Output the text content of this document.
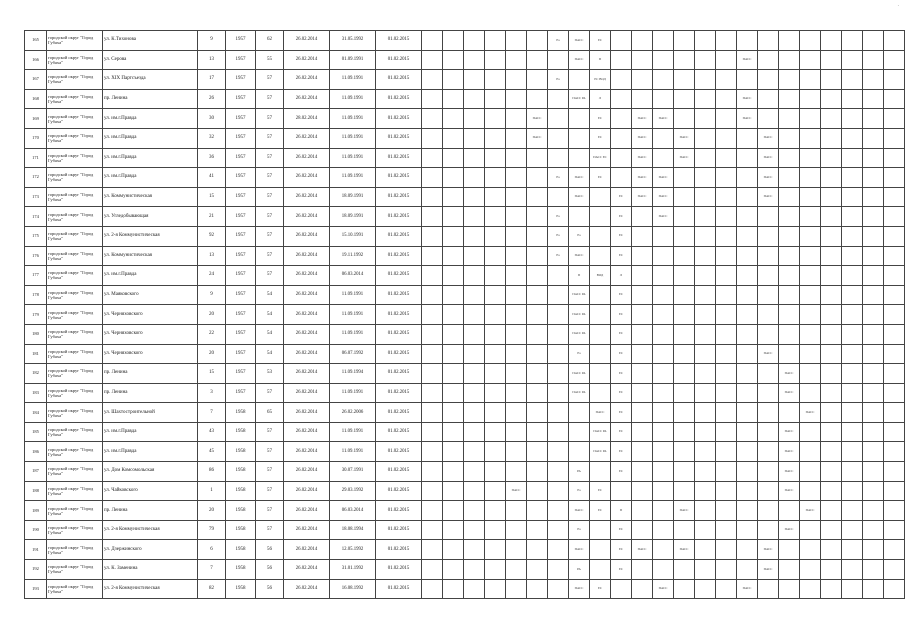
·
165	городской округ "Город Губаха"	ул. К.Тихонова	9	1957	62	26.02.2014	31.05.1992	01.02.2015							Ра	ПАСС	ЕС																
166	городской округ "Город Губаха"	ул. Серова	13	1957	55	26.02.2014	01.09.1991	01.02.2015								ПАСС	П							ПАСС									
167	городской округ "Город Губаха"	ул. XIX Партсъезда	17	1957	57	26.02.2014	11.09.1991	01.02.2015							Ра		ЕС ВОД																
168	городской округ "Город Губаха"	пр. Ленина	26	1957	57	26.02.2014	11.09.1991	01.02.2015								ПАСС РА	Л							ПАСС									
169	городской округ "Город Губаха"	ул. им.г.Правда	30	1957	57	28.02.2014	11.09.1991	01.02.2015						ПАСС			ЕС		ПАСС	ПАСС				ПАСС									
170	городской округ "Город Губаха"	ул. им.г.Правда	32	1957	57	26.02.2014	11.09.1991	01.02.2015						ПАСС			ЕС		ПАСС		ПАСС				ПАСС								
171	городской округ "Город Губаха"	ул. им.г.Правда	36	1957	57	26.02.2014	11.09.1991	01.02.2015									ПАСС ЕС		ПАСС		ПАСС				ПАСС								
172	городской округ "Город Губаха"	ул. им.г.Правда	41	1957	57	26.02.2014	11.09.1991	01.02.2015							Ра	ПАСС	ЕС		ПАСС	ПАСС					ПАСС								
173	городской округ "Город Губаха"	ул. Коммунистическая	15	1957	57	26.02.2014	18.09.1991	01.02.2015								ПАСС		ЕС	ПАСС	ПАСС					ПАСС								
174	городской округ "Город Губаха"	ул. Угледобывающая	21	1957	57	26.02.2014	18.09.1991	01.02.2015							Ра			ЕС		ПАСС													
175	городской округ "Город Губаха"	ул. 2-я Коммунистическая	92	1957	57	26.02.2014	15.10.1991	01.02.2015							Ра	Ра		ЕС															
176	городской округ "Город Губаха"	ул. Коммунистическая	13	1957	57	26.02.2014	19.11.1992	01.02.2015							Ра	ПАСС		ЕС															
177	городской округ "Город Губаха"	ул. им.г.Правда	24	1957	57	26.02.2014	06.03.2014	01.02.2015								П	ВОД	Л															
178	городской округ "Город Губаха"	ул. Маяковского	9	1957	54	26.02.2014	11.09.1991	01.02.2015								ПАСС РА		ЕС															
179	городской округ "Город Губаха"	ул. Черняховского	20	1957	54	26.02.2014	11.09.1991	01.02.2015								ПАСС РА		ЕС															
180	городской округ "Город Губаха"	ул. Черняховского	22	1957	54	26.02.2014	11.09.1991	01.02.2015								ПАСС РА		ЕС															
181	городской округ "Город Губаха"	ул. Черняховского	20	1957	54	26.02.2014	06.07.1992	01.02.2015								Ра		ЕС							ПАСС								
182	городской округ "Город Губаха"	пр. Ленина	15	1957	53	26.02.2014	11.09.1994	01.02.2015								ПАСС РА		ЕС								ПАСС							
183	городской округ "Город Губаха"	пр. Ленина	3	1957	57	26.02.2014	11.09.1991	01.02.2015								ПАСС РА		ЕС								ПАСС							
184	городской округ "Город Губаха"	ул. Шахтостроительной	7	1958	65	26.02.2014	26.02.2006	01.02.2015									ПАСС	ЕС									ПАСС						
185	городской округ "Город Губаха"	ул. им.г.Правда	43	1958	57	26.02.2014	11.09.1991	01.02.2015									ПАСС РА	ЕС								ПАСС							
186	городской округ "Город Губаха"	ул. им.г.Правда	45	1958	57	26.02.2014	11.09.1991	01.02.2015									ПАСС РА	ЕС								ПАСС							
187	городской округ "Город Губаха"	ул. Дом Комсомольская	86	1958	57	26.02.2014	30.07.1991	01.02.2015								РА		ЕС								ПАСС							
188	городской округ "Город Губаха"	ул. Чайковского	1	1958	57	26.02.2014	29.03.1992	01.02.2015					ПАСС			Ра	ЕС									ПАСС							
189	городской округ "Город Губаха"	пр. Ленина	20	1958	57	26.02.2014	06.03.2014	01.02.2015								ПАСС	ЕС	П			ПАСС						ПАСС						
190	городской округ "Город Губаха"	ул. 2-я Коммунистическая	79	1958	57	26.02.2014	18.08.1994	01.02.2015								Ра		ЕС								ПАСС							
191	городской округ "Город Губаха"	ул. Дзержинского	6	1958	56	26.02.2014	12.05.1992	01.02.2015								ПАСС		ЕС	ПАСС		ПАСС				ПАСС								
192	городской округ "Город Губаха"	ул. К. Заменина	7	1958	56	26.02.2014	31.01.1992	01.02.2015								РА		ЕС							ПАСС								
193	городской округ "Город Губаха"	ул. 2-я Коммунистическая	82	1958	56	26.02.2014	16.08.1992	01.02.2015								ПАСС	ЕС			ПАСС				ПАСС									
